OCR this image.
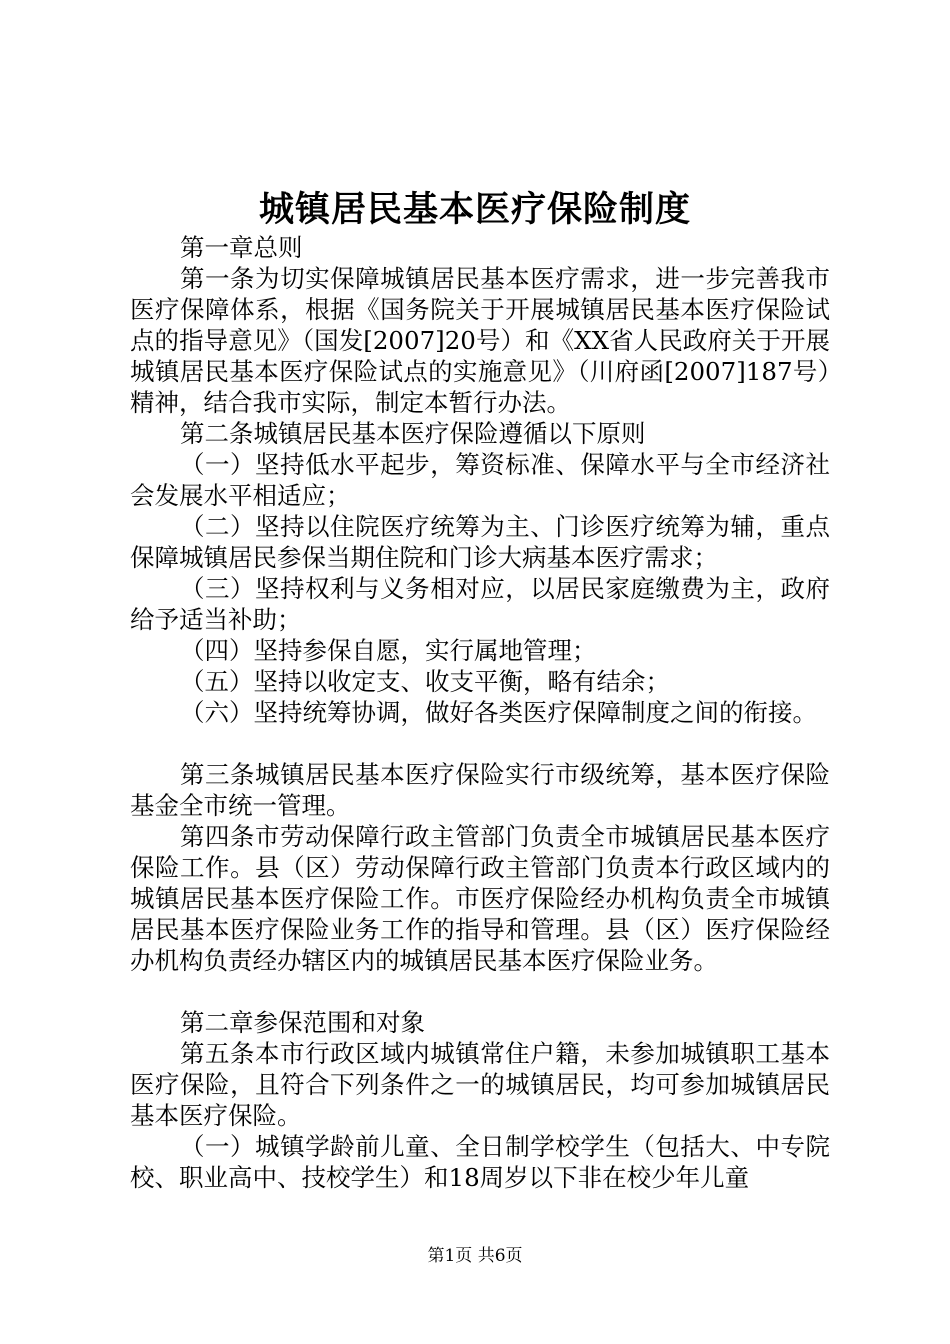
城镇居民基本医疗保险制度

第一章总则

第一条为切实保障城镇居民基本医疗需求，进一步完善我市医疗保障体系，根据《国务院关于开展城镇居民基本医疗保险试点的指导意见》（国发[2007]20号）和《XX省人民政府关于开展城镇居民基本医疗保险试点的实施意见》（川府函[2007]187号）精神，结合我市实际，制定本暂行办法。

第二条城镇居民基本医疗保险遵循以下原则

（一）坚持低水平起步，筹资标准、保障水平与全市经济社会发展水平相适应；

（二）坚持以住院医疗统筹为主、门诊医疗统筹为辅，重点保障城镇居民参保当期住院和门诊大病基本医疗需求；

（三）坚持权利与义务相对应，以居民家庭缴费为主，政府给予适当补助；

（四）坚持参保自愿，实行属地管理；

（五）坚持以收定支、收支平衡，略有结余；

（六）坚持统筹协调，做好各类医疗保障制度之间的衔接。

第三条城镇居民基本医疗保险实行市级统筹，基本医疗保险基金全市统一管理。

第四条市劳动保障行政主管部门负责全市城镇居民基本医疗保险工作。县（区）劳动保障行政主管部门负责本行政区域内的城镇居民基本医疗保险工作。市医疗保险经办机构负责全市城镇居民基本医疗保险业务工作的指导和管理。县（区）医疗保险经办机构负责经办辖区内的城镇居民基本医疗保险业务。

第二章参保范围和对象

第五条本市行政区域内城镇常住户籍，未参加城镇职工基本医疗保险，且符合下列条件之一的城镇居民，均可参加城镇居民基本医疗保险。

（一）城镇学龄前儿童、全日制学校学生（包括大、中专院校、职业高中、技校学生）和18周岁以下非在校少年儿童

第1页 共6页
